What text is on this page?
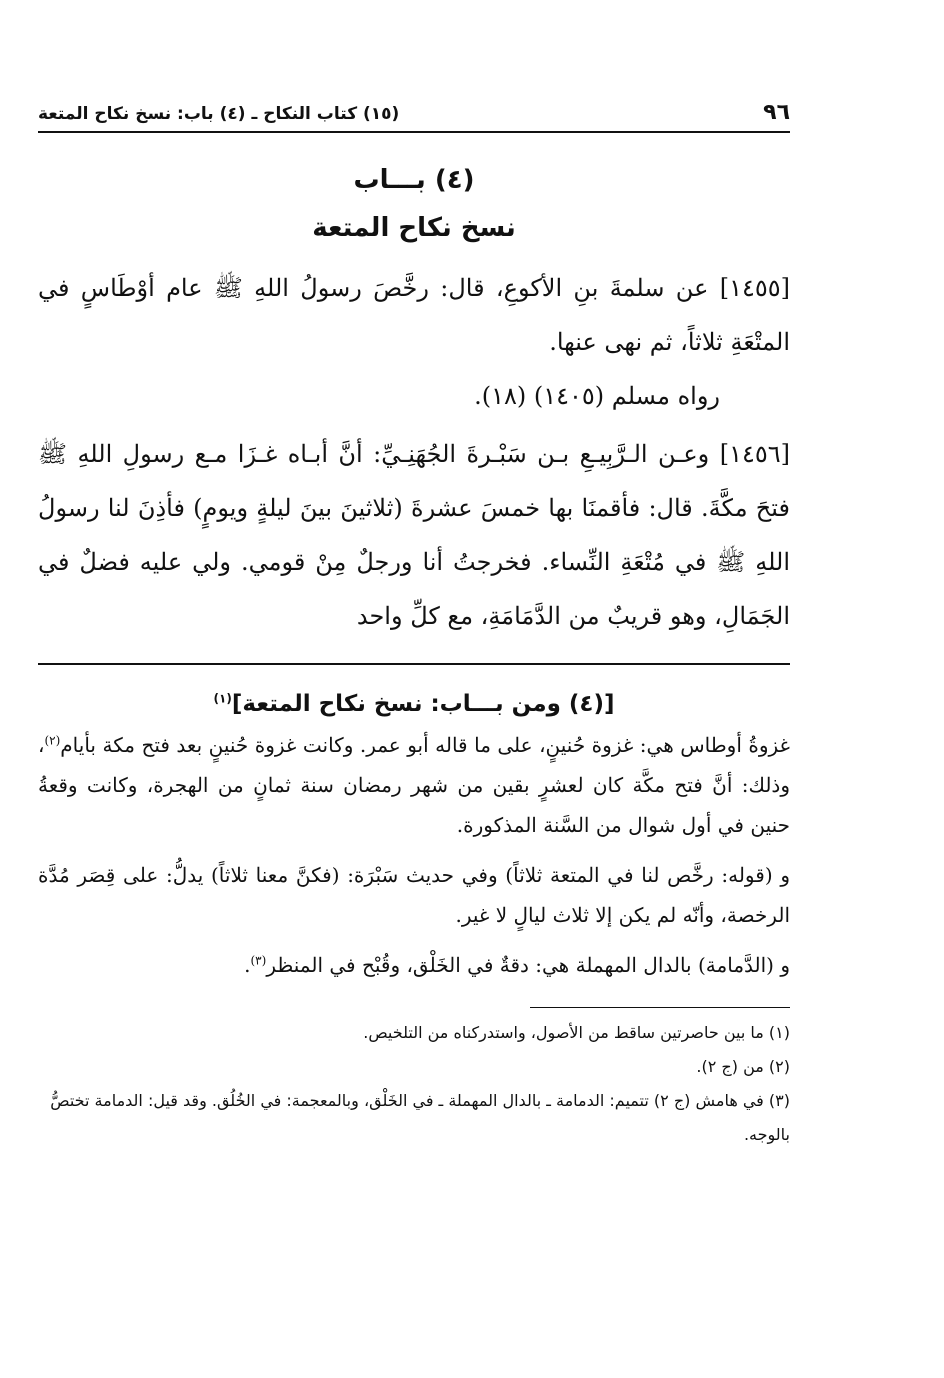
٩٦
(١٥) كتاب النكاح ـ (٤) باب: نسخ نكاح المتعة
(٤) بـــاب
نسخ نكاح المتعة

[١٤٥٥] عن سلمةَ بنِ الأكوعِ، قال: رخَّصَ رسولُ اللهِ ﷺ عام أوْطَاسٍ في المتْعَةِ ثلاثاً، ثم نهى عنها.

رواه مسلم (١٤٠٥) (١٨).

[١٤٥٦] وعـن الـرَّبِيـعِ بـن سَبْـرةَ الجُهَنِـيِّ: أنَّ أبـاه غـزَا مـع رسولِ اللهِ ﷺ فتحَ مكَّةَ. قال: فأقمنَا بها خمسَ عشرةَ (ثلاثينَ بينَ ليلةٍ ويومٍ) فأذِنَ لنا رسولُ اللهِ ﷺ في مُتْعَةِ النِّساء. فخرجتُ أنا ورجلٌ مِنْ قومي. ولي عليه فضلٌ في الجَمَالِ، وهو قريبٌ من الدَّمَامَةِ، مع كلِّ واحد

[(٤) ومن بـــاب: نسخ نكاح المتعة]$^{(١)}$

غزوةُ أوطاس هي: غزوة حُنينٍ، على ما قاله أبو عمر. وكانت غزوة حُنينٍ بعد فتح مكة بأيام$^{(٢)}$، وذلك: أنَّ فتح مكَّة كان لعشرٍ بقين من شهر رمضان سنة ثمانٍ من الهجرة، وكانت وقعةُ حنين في أول شوال من السَّنة المذكورة.

و (قوله: رخَّص لنا في المتعة ثلاثاً) وفي حديث سَبْرَة: (فكنَّ معنا ثلاثاً) يدلُّ: على قِصَر مُدَّة الرخصة، وأنّه لم يكن إلا ثلاث ليالٍ لا غير.

و (الدَّمامة) بالدال المهملة هي: دقةٌ في الخَلْق، وقُبْح في المنظر$^{(٣)}$.

(١) ما بين حاصرتين ساقط من الأصول، واستدركناه من التلخيص.

(٢) من (ج ٢).

(٣) في هامش (ج ٢) تتميم: الدمامة ـ بالدال المهملة ـ في الخَلْق، وبالمعجمة: في الخُلُق. وقد قيل: الدمامة تختصُّ بالوجه.
